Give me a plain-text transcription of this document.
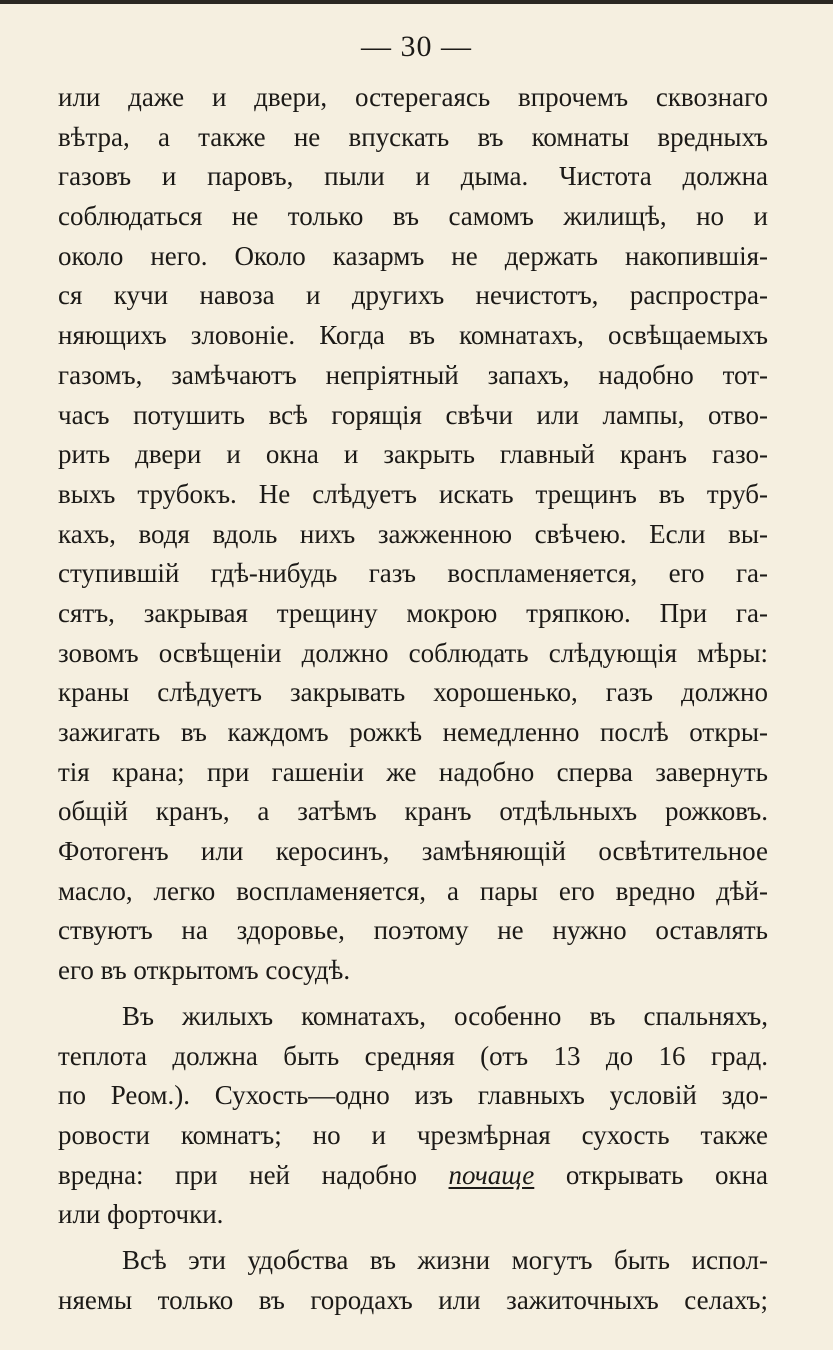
— 30 —
или даже и двери, остерегаясь впрочемъ сквознаго
вѣтра, а также не впускать въ комнаты вредныхъ
газовъ и паровъ, пыли и дыма. Чистота должна
соблюдаться не только въ самомъ жилищѣ, но и
около него. Около казармъ не держать накопившія-
ся кучи навоза и другихъ нечистотъ, распростра-
няющихъ зловоніе. Когда въ комнатахъ, освѣщаемыхъ
газомъ, замѣчаютъ непріятный запахъ, надобно тот-
часъ потушить всѣ горящія свѣчи или лампы, отво-
рить двери и окна и закрыть главный кранъ газо-
выхъ трубокъ. Не слѣдуетъ искать трещинъ въ труб-
кахъ, водя вдоль нихъ зажженною свѣчею. Если вы-
ступившій гдѣ-нибудь газъ воспламеняется, его га-
сятъ, закрывая трещину мокрою тряпкою. При га-
зовомъ освѣщеніи должно соблюдать слѣдующія мѣры:
краны слѣдуетъ закрывать хорошенько, газъ должно
зажигать въ каждомъ рожкѣ немедленно послѣ откры-
тія крана; при гашеніи же надобно сперва завернуть
общій кранъ, а затѣмъ кранъ отдѣльныхъ рожковъ.
Фотогенъ или керосинъ, замѣняющій освѣтительное
масло, легко воспламеняется, а пары его вредно дѣй-
ствуютъ на здоровье, поэтому не нужно оставлять
его въ открытомъ сосудѣ.
Въ жилыхъ комнатахъ, особенно въ спальняхъ,
теплота должна быть средняя (отъ 13 до 16 град.
по Реом.). Сухость—одно изъ главныхъ условій здо-
ровости комнатъ; но и чрезмѣрная сухость также
вредна: при ней надобно почаще открывать окна
или форточки.
Всѣ эти удобства въ жизни могутъ быть испол-
няемы только въ городахъ или зажиточныхъ селахъ;
